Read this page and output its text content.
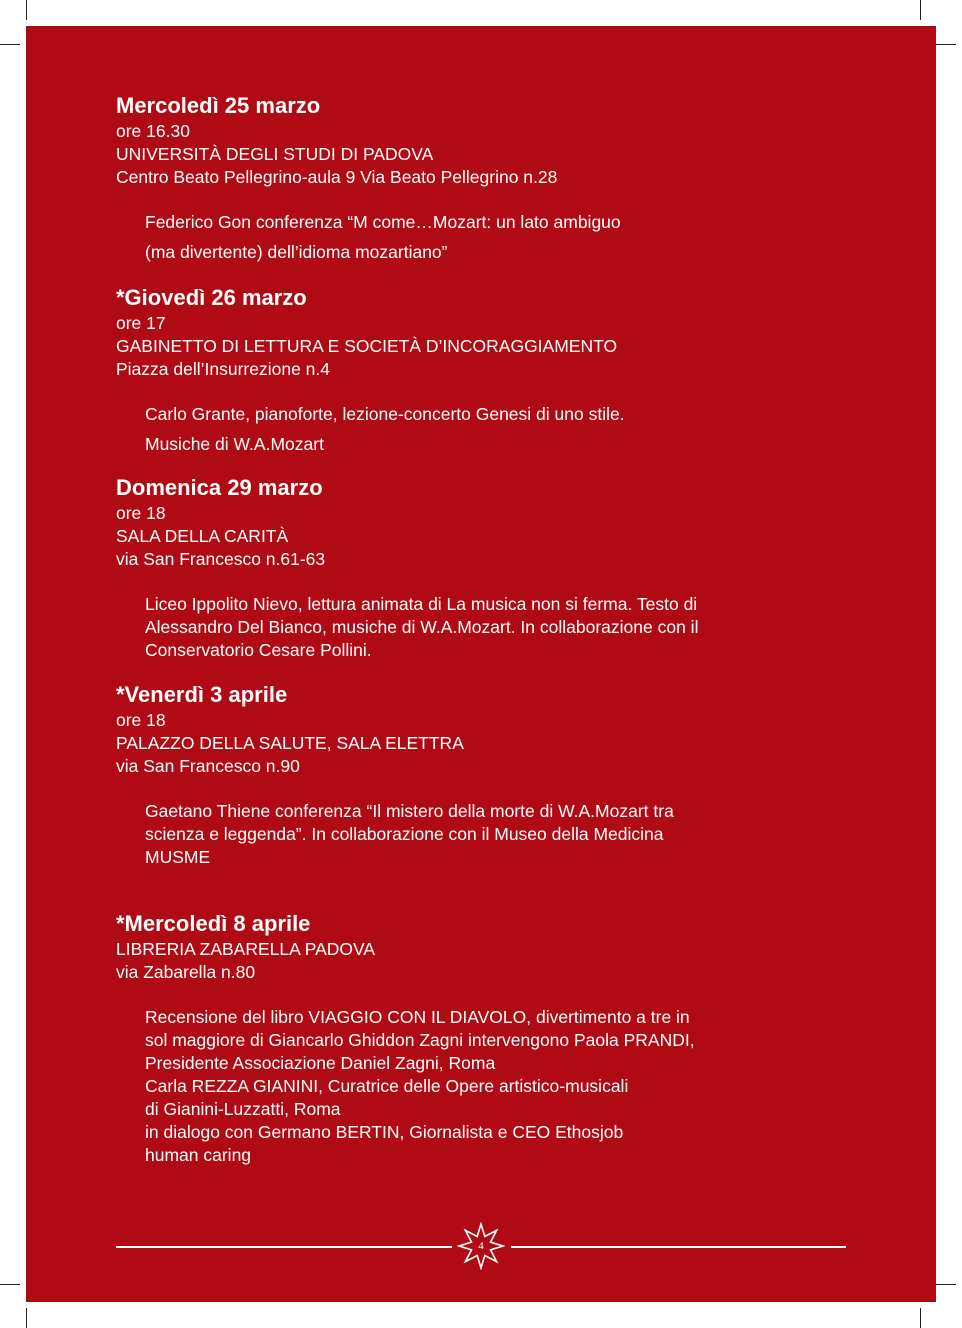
Mercoledì 25 marzo
ore 16.30
UNIVERSITÀ DEGLI STUDI DI PADOVA
Centro Beato Pellegrino-aula 9 Via Beato Pellegrino n.28
Federico Gon conferenza “M come…Mozart: un lato ambiguo
(ma divertente) dell’idioma mozartiano”
*Giovedì 26 marzo
ore 17
GABINETTO DI LETTURA E SOCIETÀ D’INCORAGGIAMENTO
Piazza dell’Insurrezione n.4
Carlo Grante, pianoforte, lezione-concerto Genesi di uno stile.
Musiche di W.A.Mozart
Domenica 29 marzo
ore 18
SALA DELLA CARITÀ
via San Francesco n.61-63
Liceo Ippolito Nievo, lettura animata di La musica non si ferma. Testo di
Alessandro Del Bianco, musiche di W.A.Mozart. In collaborazione con il
Conservatorio Cesare Pollini.
*Venerdì 3 aprile
ore 18
PALAZZO DELLA SALUTE, SALA ELETTRA
via San Francesco n.90
Gaetano Thiene conferenza “Il mistero della morte di W.A.Mozart tra
scienza e leggenda”. In collaborazione con il Museo della Medicina
MUSME
*Mercoledì 8 aprile
LIBRERIA ZABARELLA PADOVA
via Zabarella n.80
Recensione del libro VIAGGIO CON IL DIAVOLO, divertimento a tre in
sol maggiore di Giancarlo Ghiddon Zagni intervengono Paola PRANDI,
Presidente Associazione Daniel Zagni, Roma
Carla REZZA GIANINI, Curatrice delle Opere artistico-musicali
di Gianini-Luzzatti, Roma
in dialogo con Germano BERTIN, Giornalista e CEO Ethosjob
human caring
4
